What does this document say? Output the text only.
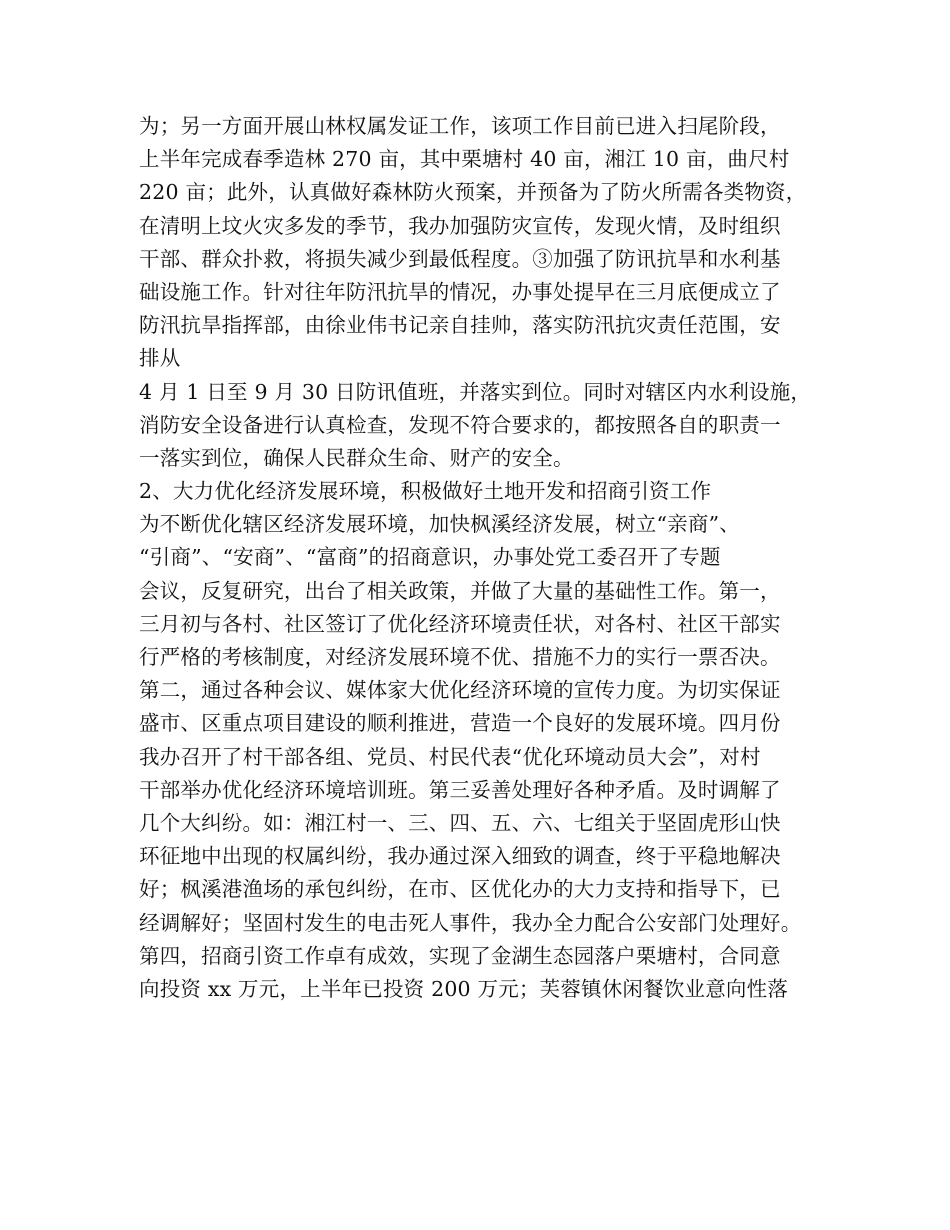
为；另一方面开展山林权属发证工作，该项工作目前已进入扫尾阶段，
上半年完成春季造林 270 亩，其中栗塘村 40 亩，湘江 10 亩，曲尺村
220 亩；此外，认真做好森林防火预案，并预备为了防火所需各类物资，
在清明上坟火灾多发的季节，我办加强防灾宣传，发现火情，及时组织
干部、群众扑救，将损失减少到最低程度。③加强了防讯抗旱和水利基
础设施工作。针对往年防汛抗旱的情况，办事处提早在三月底便成立了
防汛抗旱指挥部，由徐业伟书记亲自挂帅，落实防汛抗灾责任范围，安
排从
4 月 1 日至 9 月 30 日防讯值班，并落实到位。同时对辖区内水利设施，
消防安全设备进行认真检查，发现不符合要求的，都按照各自的职责一
一落实到位，确保人民群众生命、财产的安全。
2、大力优化经济发展环境，积极做好土地开发和招商引资工作
为不断优化辖区经济发展环境，加快枫溪经济发展，树立“亲商”、
“引商”、“安商”、“富商”的招商意识，办事处党工委召开了专题
会议，反复研究，出台了相关政策，并做了大量的基础性工作。第一，
三月初与各村、社区签订了优化经济环境责任状，对各村、社区干部实
行严格的考核制度，对经济发展环境不优、措施不力的实行一票否决。
第二，通过各种会议、媒体家大优化经济环境的宣传力度。为切实保证
盛市、区重点项目建设的顺利推进，营造一个良好的发展环境。四月份
我办召开了村干部各组、党员、村民代表“优化环境动员大会”，对村
干部举办优化经济环境培训班。第三妥善处理好各种矛盾。及时调解了
几个大纠纷。如：湘江村一、三、四、五、六、七组关于坚固虎形山快
环征地中出现的权属纠纷，我办通过深入细致的调查，终于平稳地解决
好；枫溪港渔场的承包纠纷，在市、区优化办的大力支持和指导下，已
经调解好；坚固村发生的电击死人事件，我办全力配合公安部门处理好。
第四，招商引资工作卓有成效，实现了金湖生态园落户栗塘村，合同意
向投资 xx 万元，上半年已投资 200 万元；芙蓉镇休闲餐饮业意向性落
